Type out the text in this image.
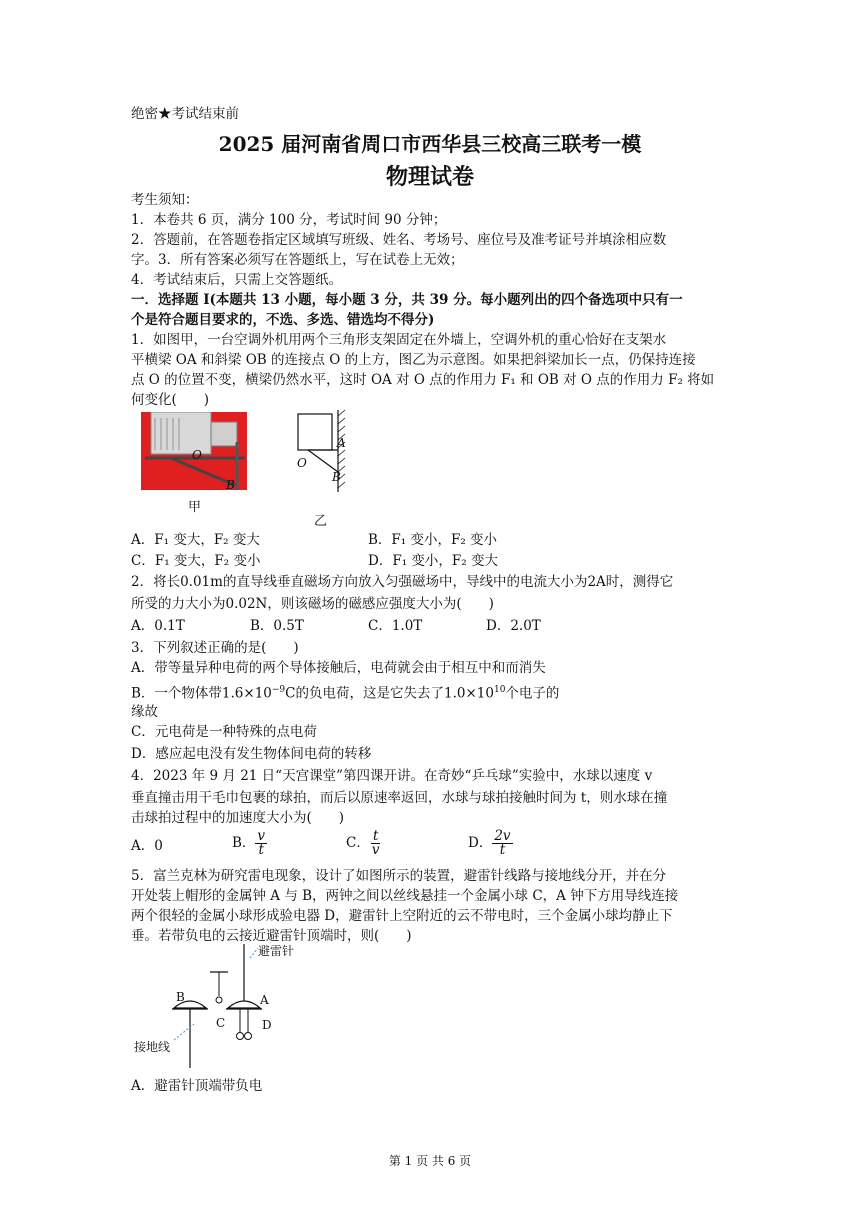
绝密★考试结束前
2025 届河南省周口市西华县三校高三联考一模
物理试卷
考生须知：
1．本卷共 6 页，满分 100 分，考试时间 90 分钟；
2．答题前，在答题卷指定区域填写班级、姓名、考场号、座位号及准考证号并填涂相应数
字。3．所有答案必须写在答题纸上，写在试卷上无效；
4．考试结束后，只需上交答题纸。
一．选择题 I(本题共 13 小题，每小题 3 分，共 39 分。每小题列出的四个备选项中只有一
个是符合题目要求的，不选、多选、错选均不得分)
1．如图甲，一台空调外机用两个三角形支架固定在外墙上，空调外机的重心恰好在支架水
平横梁 OA 和斜梁 OB 的连接点 O 的上方，图乙为示意图。如果把斜梁加长一点，仍保持连接
点 O 的位置不变，横梁仍然水平，这时 OA 对 O 点的作用力 F₁ 和 OB 对 O 点的作用力 F₂ 将如
何变化(　　)
O
B
甲
A
O
B
乙
A．F₁ 变大，F₂ 变大	B．F₁ 变小，F₂ 变小
C．F₁ 变大，F₂ 变小	D．F₁ 变小，F₂ 变大
2．将长0.01m的直导线垂直磁场方向放入匀强磁场中，导线中的电流大小为2A时，测得它
所受的力大小为0.02N，则该磁场的磁感应强度大小为(　　)
A．0.1T	B．0.5T	C．1.0T	D．2.0T
3．下列叙述正确的是(　　)
A．带等量异种电荷的两个导体接触后，电荷就会由于相互中和而消失
B．一个物体带$1.6\times 10^{-9}C$的负电荷，这是它失去了$1.0\times 10^{10}$个电子的
缘故
C．元电荷是一种特殊的点电荷
D．感应起电没有发生物体间电荷的转移
4．2023 年 9 月 21 日“天宫课堂”第四课开讲。在奇妙“乒乓球”实验中，水球以速度 v
垂直撞击用干毛巾包裹的球拍，而后以原速率返回，水球与球拍接触时间为 t，则水球在撞
击球拍过程中的加速度大小为(　　)
A．0	B． $\frac{v}{t}$	C． $\frac{t}{v}$	D． $\frac{2v}{t}$
5．富兰克林为研究雷电现象，设计了如图所示的装置，避雷针线路与接地线分开，并在分
开处装上帽形的金属钟 A 与 B，两钟之间以丝线悬挂一个金属小球 C，A 钟下方用导线连接
两个很轻的金属小球形成验电器 D，避雷针上空附近的云不带电时，三个金属小球均静止下
垂。若带负电的云接近避雷针顶端时，则(　　)
避雷针
B	A
C	D
接地线
A．避雷针顶端带负电
第 1 页 共 6 页
